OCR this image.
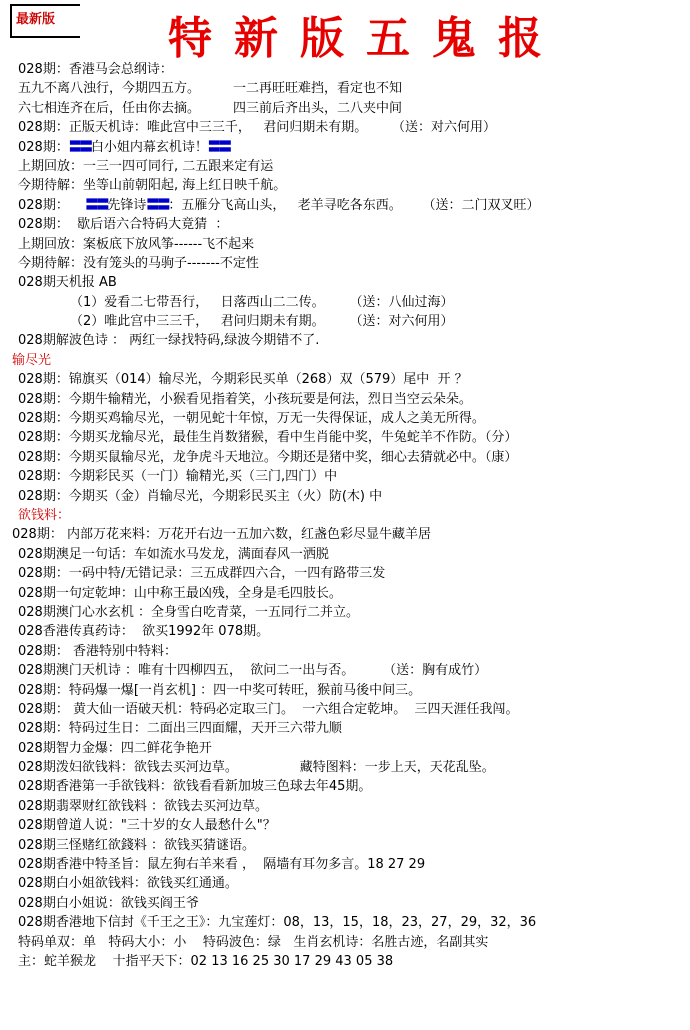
最新版	特新版五鬼报
028期：香港马会总纲诗：
五九不离八浊行，今期四五方。        一二再旺旺难挡，看定也不知
六七相连齐在后，任由你去摘。        四三前后齐出头，二八夹中间
028期：正版天机诗：唯此宫中三三千，   君问归期未有期。      （送：对六何用）
028期：〓〓白小姐内幕玄机诗！〓〓
上期回放：一三一四可同行, 二五跟来定有运
今期待解：坐等山前朝阳起, 海上红日映千航。
028期：    〓〓先锋诗〓〓：五雁分飞高山头，   老羊寻吃各东西。     （送：二门双叉旺）
028期：  歇后语六合特码大竟猜  ：
上期回放：案板底下放风筝------飞不起来
今期待解：没有笼头的马驹子-------不定性
028期天机报 AB
（1）爱看二七带吾行，   日落西山二二传。      （送：八仙过海）
（2）唯此宫中三三千，   君问归期未有期。      （送：对六何用）
028期解波色诗 ： 两红一绿找特码,绿波今期错不了.
输尽光
028期：锦旗买（014）输尽光，今期彩民买单（268）双（579）尾中  开 ？
028期：今期牛输精光，小猴看见指着笑，小孩玩要是何法，烈日当空云朵朵。
028期：今期买鸡输尽光，一朝见蛇十年惊，万无一失得保证，成人之美无所得。
028期：今期买龙输尽光，最佳生肖数猪猴，看中生肖能中奖，牛兔蛇羊不作防。（分）
028期：今期买鼠输尽光，龙争虎斗天地泣。今期还是猪中奖，细心去猜就必中。（康）
028期：今期彩民买（一门）输精光,买（三门,四门）中
028期：今期买（金）肖输尽光，今期彩民买主（火）防(木) 中
欲钱料：
028期： 内部万花来料：万花开右边一五加六数，红盏色彩尽显牛藏羊居
028期澳足一句话：车如流水马发龙，满面春风一洒脱
028期：一码中特/无错记录：三五成群四六合，一四有路带三发
028期一句定乾坤：山中称王最凶残，全身是毛四肢长。
028期澳门心水玄机 ：全身雪白吃青菜，一五同行二并立。
028香港传真药诗：  欲买1992年 078期。
028期： 香港特别中特料：
028期澳门天机诗 ：唯有十四柳四五，  欲问二一出与否。       （送：胸有成竹）
028期：特码爆一爆[一肖玄机] ：四一中奖可转旺，猴前马後中间三。
028期： 黄大仙一语破天机：特码必定取三门。  一六组合定乾坤。  三四天涯任我闯。
028期：特码过生日：二面出三四面耀，天开三六带九顺
028期智力金爆：四二鲜花争艳开
028期泼妇欲钱料：欲钱去买河边草。               藏特图料：一步上天，天花乱坠。
028期香港第一手欲钱料：欲钱看看新加坡三色球去年45期。
028期翡翠财红欲钱料 ：欲钱去买河边草。
028期曾道人说："三十岁的女人最愁什么"？
028期三怪赌红欲錢料 ：欲钱买猜谜语。
028期香港中特圣旨：鼠左狗右羊来看 ，  隔墙有耳勿多言。18 27 29
028期白小姐欲钱料：欲钱买红通通。
028期白小姐说：欲钱买阎王爷
028期香港地下信封《千王之王》：九宝莲灯：08，13，15，18，23，27，29，32，36
特码单双：单   特码大小：小    特码波色：绿   生肖玄机诗：名胜古迹，名副其实
主：蛇羊猴龙    十指平天下：02 13 16 25 30 17 29 43 05 38
